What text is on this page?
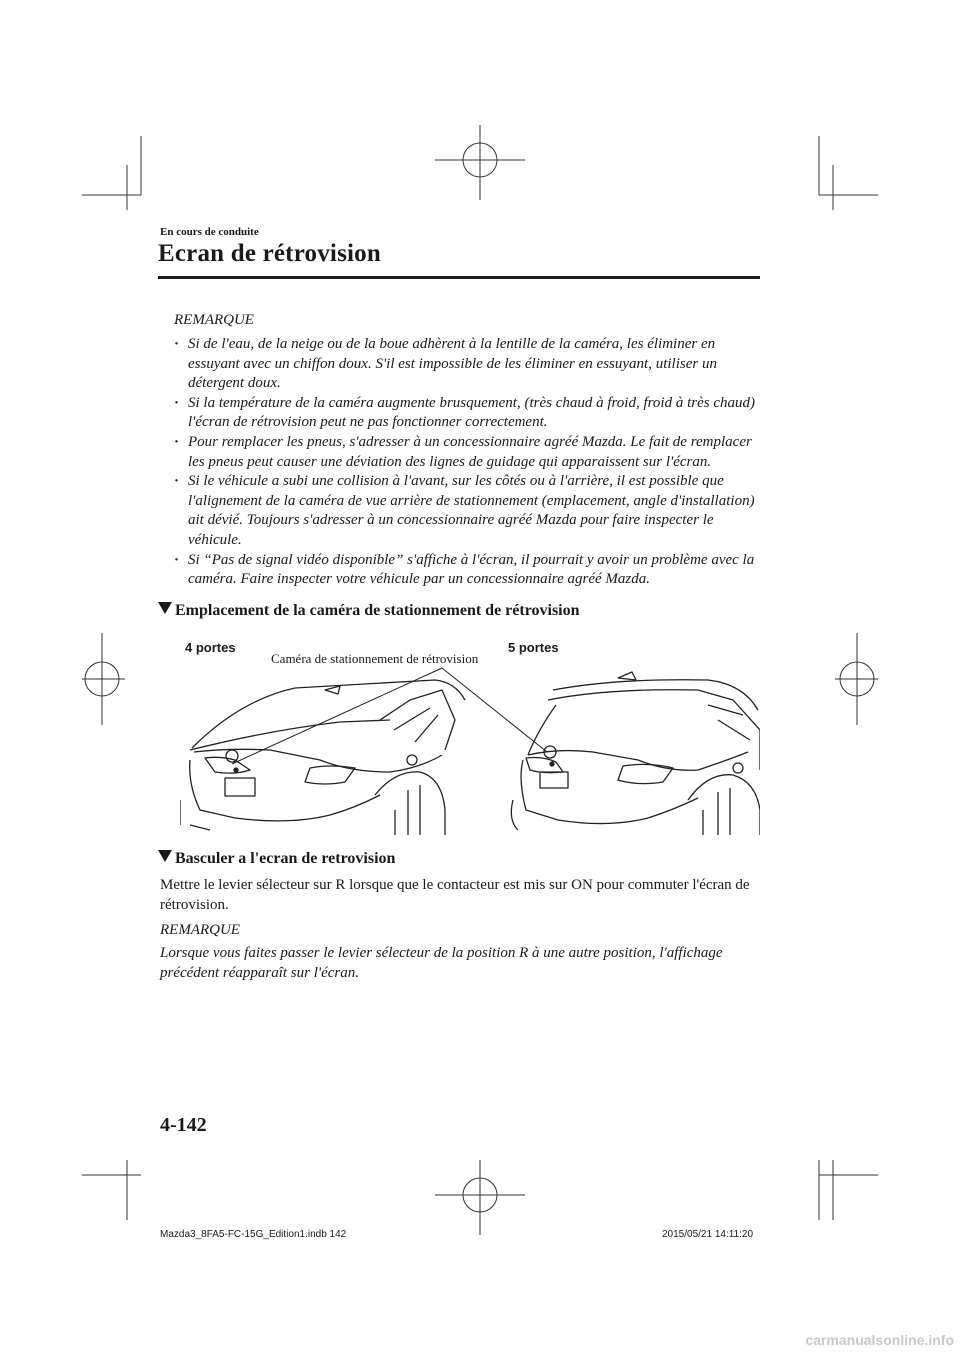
En cours de conduite
Ecran de rétrovision
REMARQUE
· Si de l'eau, de la neige ou de la boue adhèrent à la lentille de la caméra, les éliminer en essuyant avec un chiffon doux. S'il est impossible de les éliminer en essuyant, utiliser un détergent doux.
· Si la température de la caméra augmente brusquement, (très chaud à froid, froid à très chaud) l'écran de rétrovision peut ne pas fonctionner correctement.
· Pour remplacer les pneus, s'adresser à un concessionnaire agréé Mazda. Le fait de remplacer les pneus peut causer une déviation des lignes de guidage qui apparaissent sur l'écran.
· Si le véhicule a subi une collision à l'avant, sur les côtés ou à l'arrière, il est possible que l'alignement de la caméra de vue arrière de stationnement (emplacement, angle d'installation) ait dévié. Toujours s'adresser à un concessionnaire agréé Mazda pour faire inspecter le véhicule.
· Si “Pas de signal vidéo disponible” s'affiche à l'écran, il pourrait y avoir un problème avec la caméra. Faire inspecter votre véhicule par un concessionnaire agréé Mazda.
Emplacement de la caméra de stationnement de rétrovision
4 portes	5 portes
Caméra de stationnement de rétrovision
Basculer a l'ecran de retrovision
Mettre le levier sélecteur sur R lorsque que le contacteur est mis sur ON pour commuter l'écran de rétrovision.
REMARQUE
Lorsque vous faites passer le levier sélecteur de la position R à une autre position, l'affichage précédent réapparaît sur l'écran.
4-142
Mazda3_8FA5-FC-15G_Edition1.indb 142	2015/05/21 14:11:20
carmanualsonline.info
